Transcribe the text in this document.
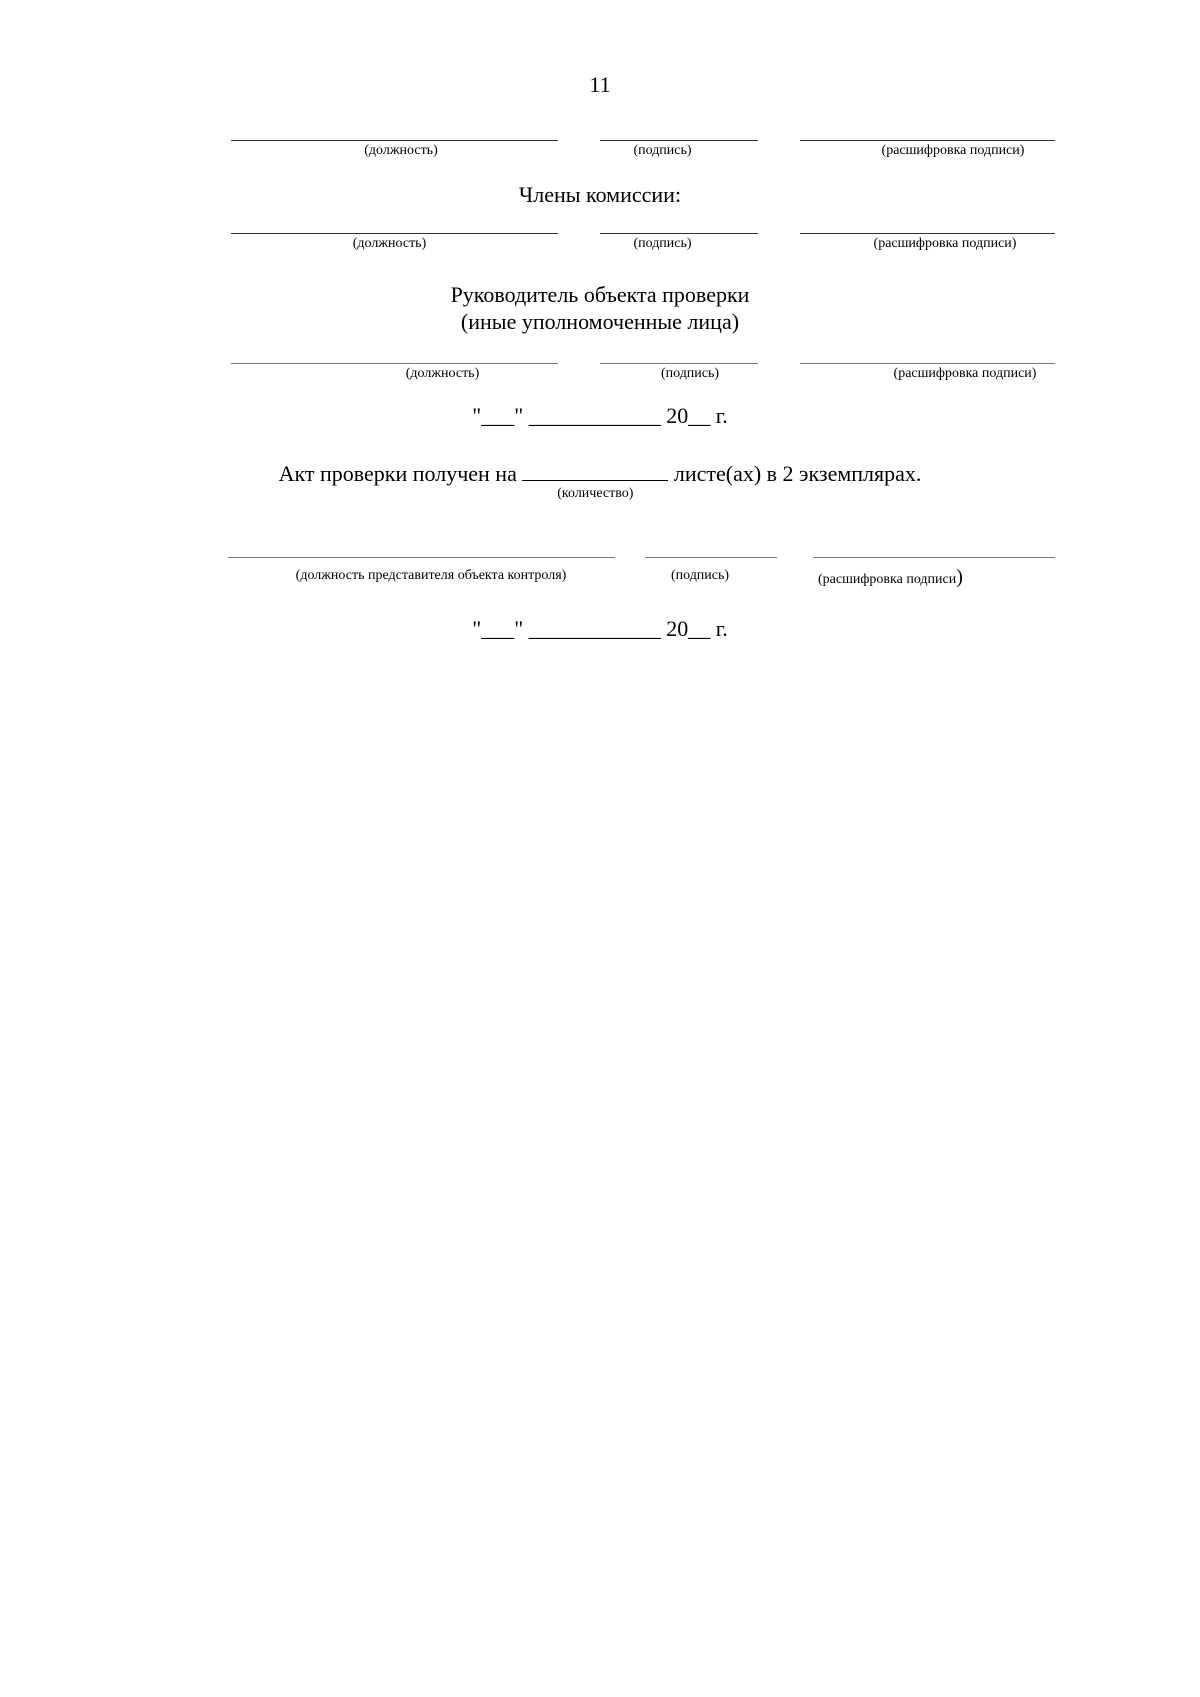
11
(должность)	(подпись)	(расшифровка подписи)
Члены комиссии:
(должность)	(подпись)	(расшифровка подписи)
Руководитель объекта проверки
(иные уполномоченные лица)
(должность)	(подпись)	(расшифровка подписи)
"___" ____________ 20__ г.
Акт проверки получен на
(количество)
листе(ах) в 2 экземплярах.
(должность представителя объекта контроля)	(подпись)	(расшифровка подписи)
"___" ____________ 20__ г.
